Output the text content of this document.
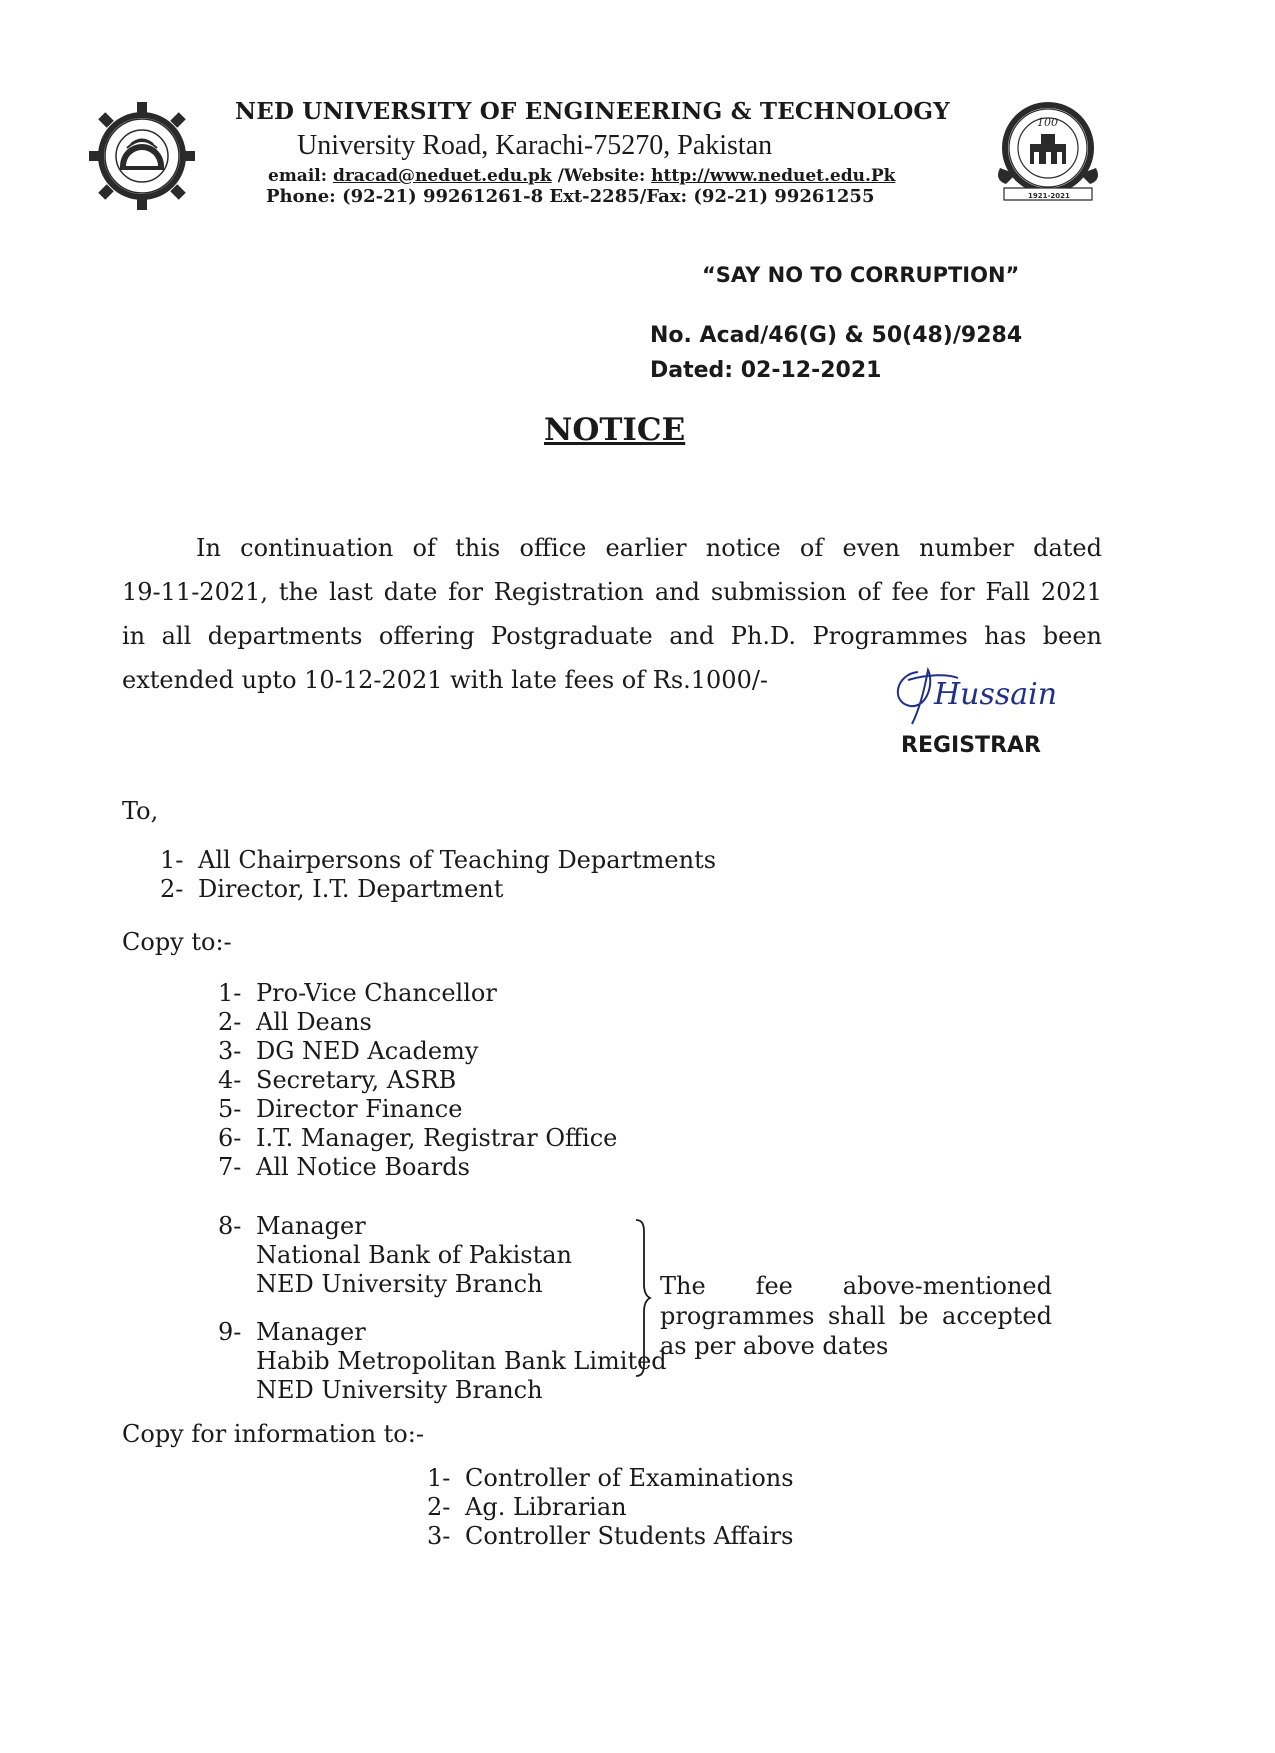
NED UNIVERSITY OF ENGINEERING & TECHNOLOGY
University Road, Karachi-75270, Pakistan
email: dracad@neduet.edu.pk /Website: http://www.neduet.edu.Pk
Phone: (92-21) 99261261-8 Ext-2285/Fax: (92-21) 99261255
100
1921-2021
“SAY NO TO CORRUPTION”
No. Acad/46(G) & 50(48)/9284
Dated: 02-12-2021
NOTICE
In continuation of this office earlier notice of even number dated
19-11-2021, the last date for Registration and submission of fee for Fall 2021
in all departments offering Postgraduate and Ph.D. Programmes has been
extended upto 10-12-2021 with late fees of Rs.1000/-	Hussain
REGISTRAR
To,
1- All Chairpersons of Teaching Departments
2- Director, I.T. Department
Copy to:-
1- Pro-Vice Chancellor
2- All Deans
3- DG NED Academy
4- Secretary, ASRB
5- Director Finance
6- I.T. Manager, Registrar Office
7- All Notice Boards
8- Manager
National Bank of Pakistan
NED University Branch
9- Manager
Habib Metropolitan Bank Limited
NED University Branch
The fee above-mentioned
programmes shall be accepted
as per above dates
Copy for information to:-
1- Controller of Examinations
2- Ag. Librarian
3- Controller Students Affairs
